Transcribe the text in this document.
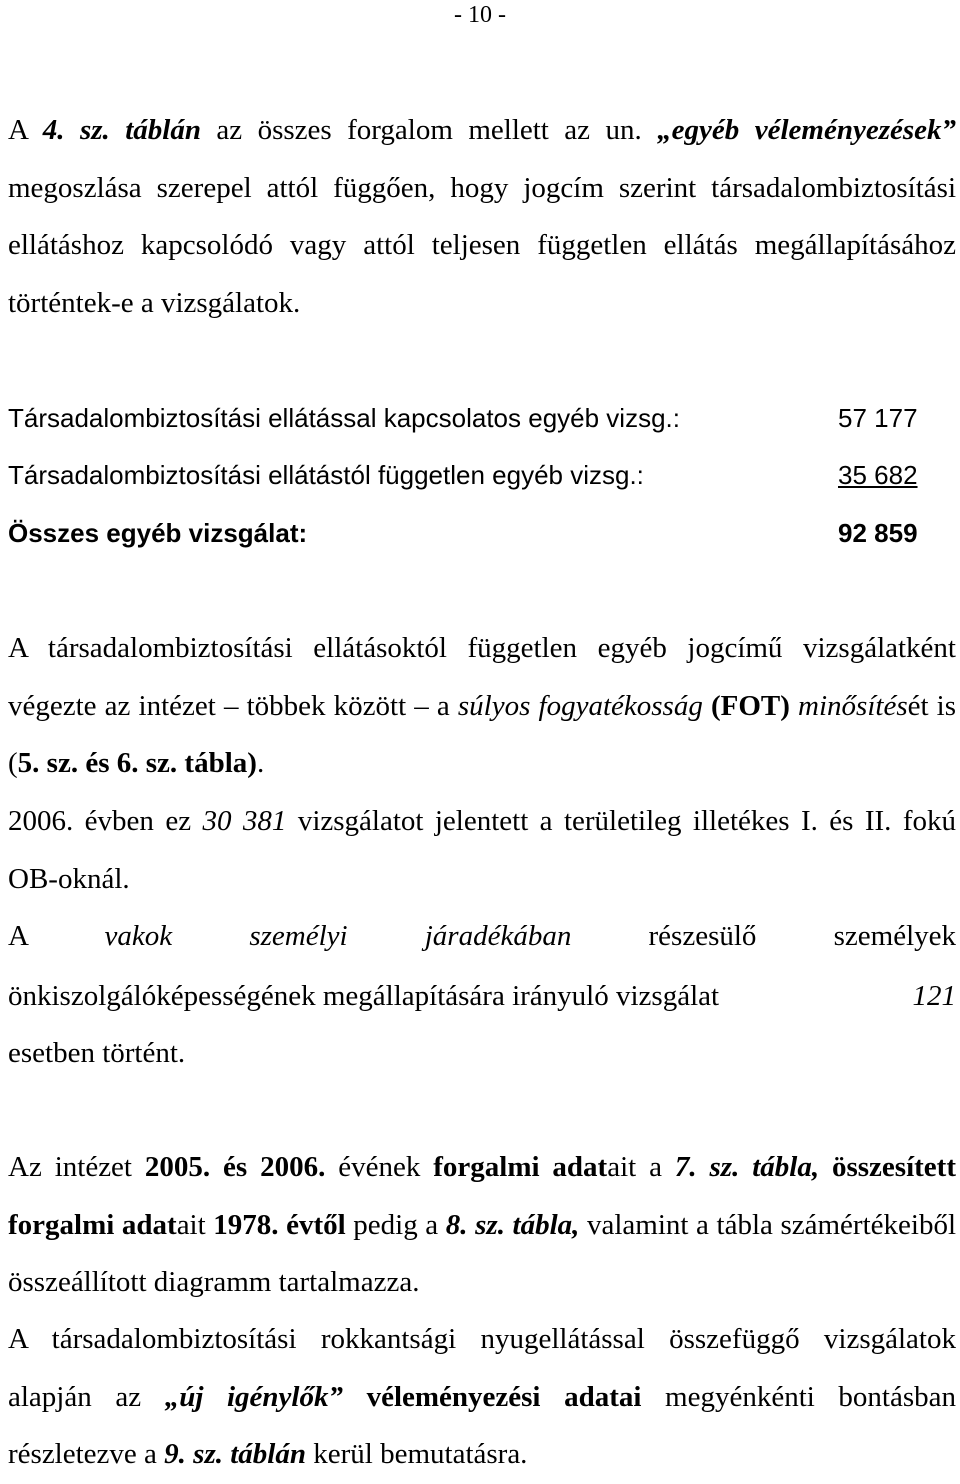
- 10 -

A 4. sz. táblán az összes forgalom mellett az un. „egyéb véleményezések” megoszlása szerepel attól függően, hogy jogcím szerint társadalombiztosítási ellátáshoz kapcsolódó vagy attól teljesen független ellátás megállapításához történtek-e a vizsgálatok.

Társadalombiztosítási ellátással kapcsolatos egyéb vizsg.:	57 177
Társadalombiztosítási ellátástól független egyéb vizsg.:	35 682
Összes egyéb vizsgálat:	92 859

A társadalombiztosítási ellátásoktól független egyéb jogcímű vizsgálatként végezte az intézet – többek között – a súlyos fogyatékosság (FOT) minősítését is (5. sz. és 6. sz. tábla).

2006. évben ez 30 381 vizsgálatot jelentett a területileg illetékes I. és II. fokú OB-oknál.

A vakok személyi járadékában részesülő személyek
önkiszolgálóképességének megállapítására irányuló vizsgálat	121
esetben történt.

Az intézet 2005. és 2006. évének forgalmi adatait a 7. sz. tábla, összesített forgalmi adatait 1978. évtől pedig a 8. sz. tábla, valamint a tábla számértékeiből összeállított diagramm tartalmazza.

A társadalombiztosítási rokkantsági nyugellátással összefüggő vizsgálatok alapján az „új igénylők” véleményezési adatai megyénkénti bontásban részletezve a 9. sz. táblán kerül bemutatásra.
